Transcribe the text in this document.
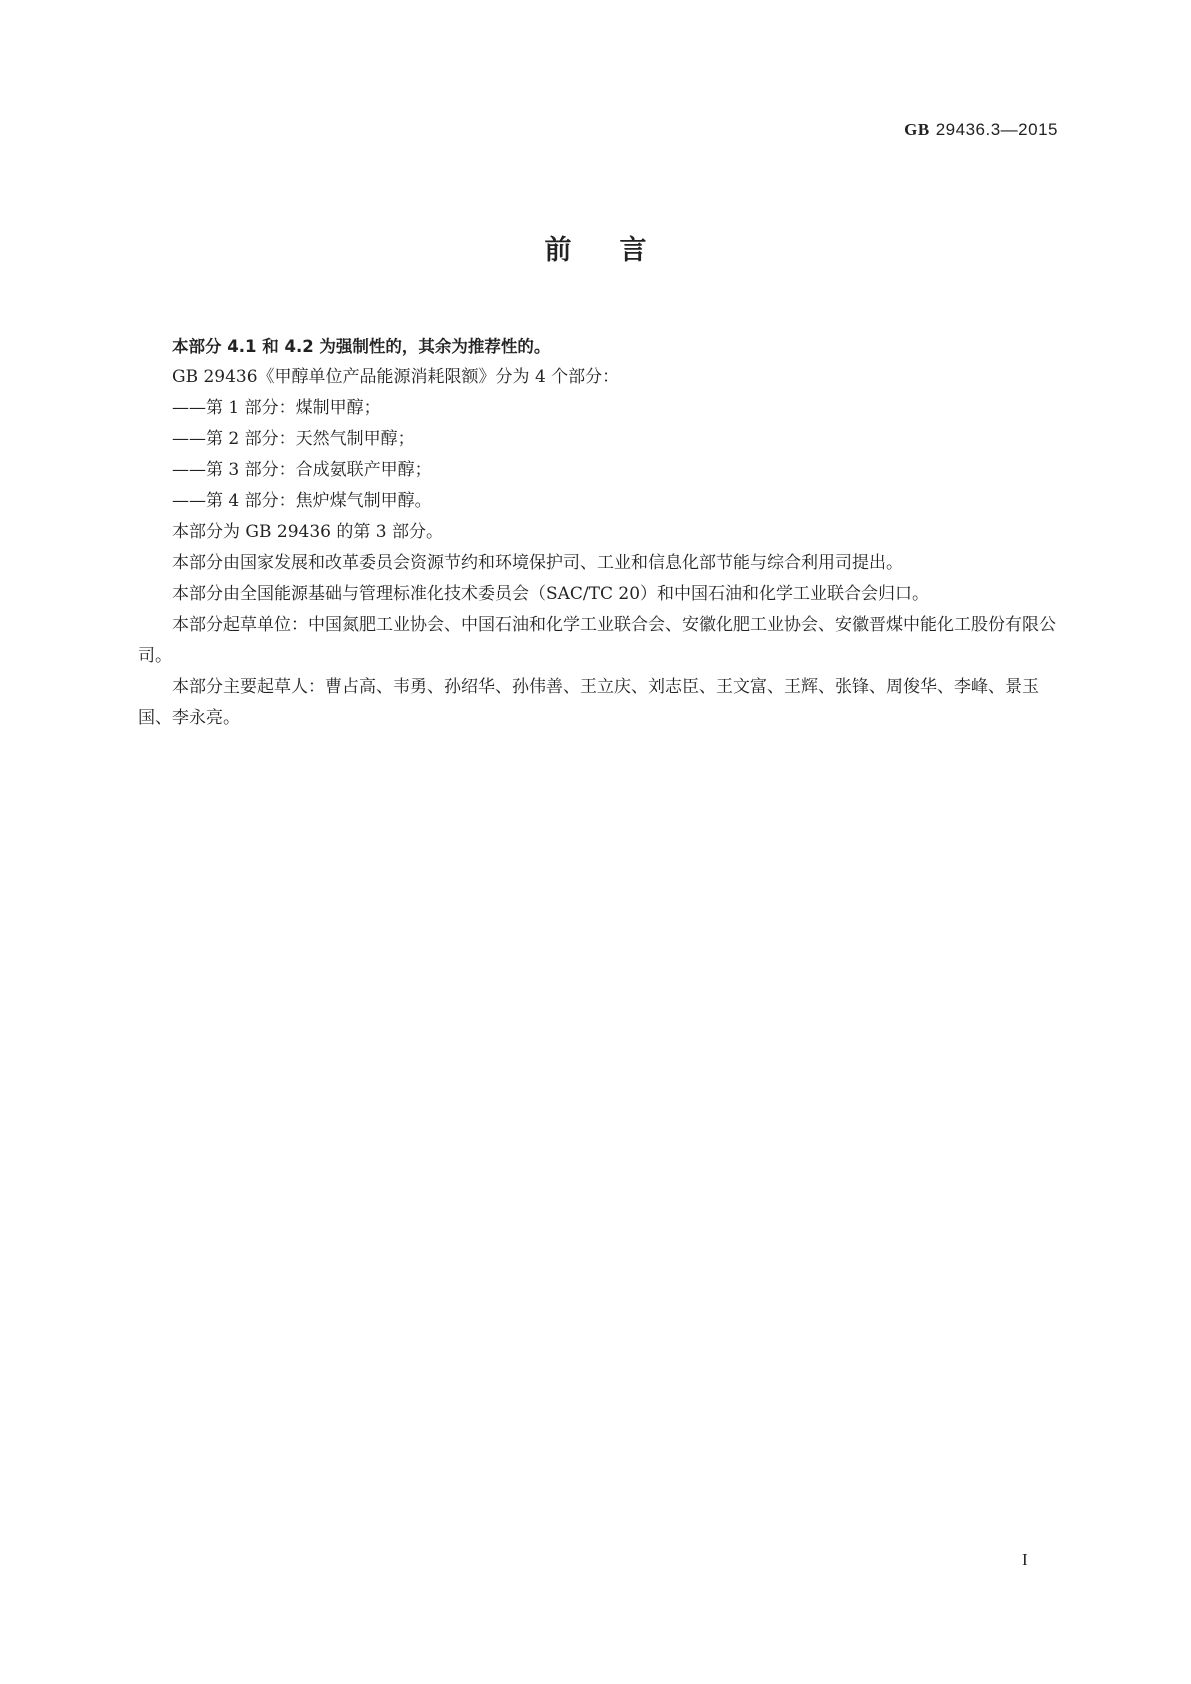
GB 29436.3—2015
前言

本部分 4.1 和 4.2 为强制性的，其余为推荐性的。

GB 29436《甲醇单位产品能源消耗限额》分为 4 个部分：

——第 1 部分：煤制甲醇；

——第 2 部分：天然气制甲醇；

——第 3 部分：合成氨联产甲醇；

——第 4 部分：焦炉煤气制甲醇。

本部分为 GB 29436 的第 3 部分。

本部分由国家发展和改革委员会资源节约和环境保护司、工业和信息化部节能与综合利用司提出。

本部分由全国能源基础与管理标准化技术委员会（SAC/TC 20）和中国石油和化学工业联合会归口。

本部分起草单位：中国氮肥工业协会、中国石油和化学工业联合会、安徽化肥工业协会、安徽晋煤中能化工股份有限公司。

本部分主要起草人：曹占高、韦勇、孙绍华、孙伟善、王立庆、刘志臣、王文富、王辉、张锋、周俊华、李峰、景玉国、李永亮。

I
